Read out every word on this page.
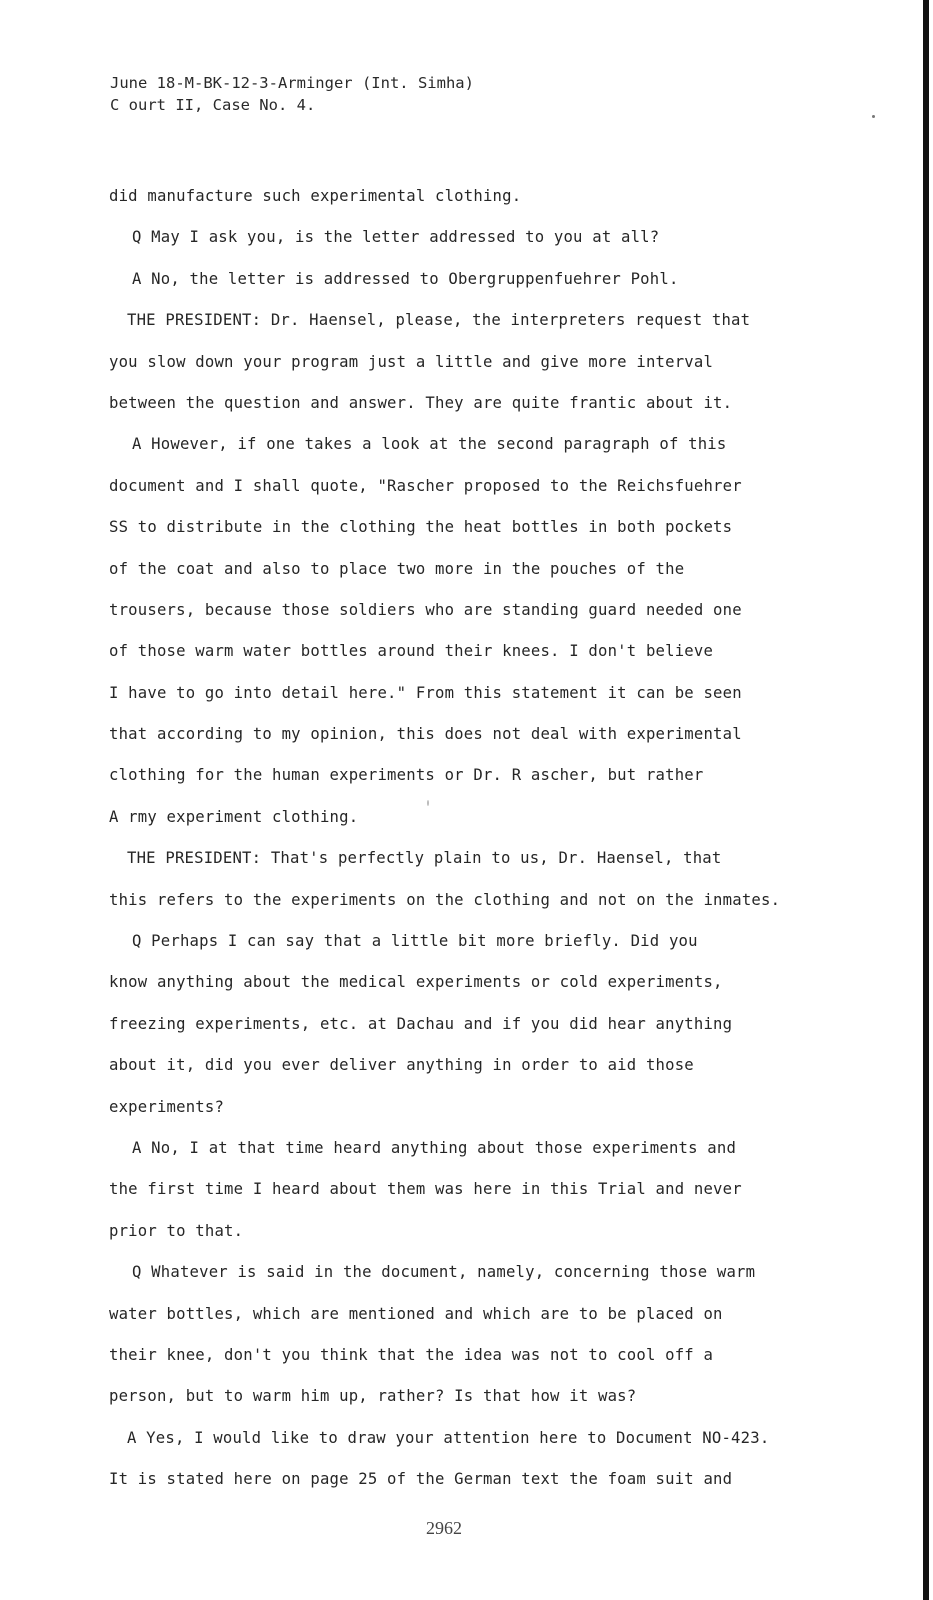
June 18-M-BK-12-3-Arminger (Int. Simha)
C ourt II, Case No. 4.
did manufacture such experimental clothing.
Q May I ask you, is the letter addressed to you at all?
A No, the letter is addressed to Obergruppenfuehrer Pohl.
THE PRESIDENT: Dr. Haensel, please, the interpreters request that
you slow down your program just a little and give more interval
between the question and answer. They are quite frantic about it.
A However, if one takes a look at the second paragraph of this
document and I shall quote, "Rascher proposed to the Reichsfuehrer
SS to distribute in the clothing the heat bottles in both pockets
of the coat and also to place two more in the pouches of the
trousers, because those soldiers who are standing guard needed one
of those warm water bottles around their knees. I don't believe
I have to go into detail here." From this statement it can be seen
that according to my opinion, this does not deal with experimental
clothing for the human experiments or Dr. R ascher, but rather
A rmy experiment clothing.
THE PRESIDENT: That's perfectly plain to us, Dr. Haensel, that
this refers to the experiments on the clothing and not on the inmates.
Q Perhaps I can say that a little bit more briefly. Did you
know anything about the medical experiments or cold experiments,
freezing experiments, etc. at Dachau and if you did hear anything
about it, did you ever deliver anything in order to aid those
experiments?
A No, I at that time heard anything about those experiments and
the first time I heard about them was here in this Trial and never
prior to that.
Q Whatever is said in the document, namely, concerning those warm
water bottles, which are mentioned and which are to be placed on
their knee, don't you think that the idea was not to cool off a
person, but to warm him up, rather? Is that how it was?
A Yes, I would like to draw your attention here to Document NO-423.
It is stated here on page 25 of the German text the foam suit and
2962
